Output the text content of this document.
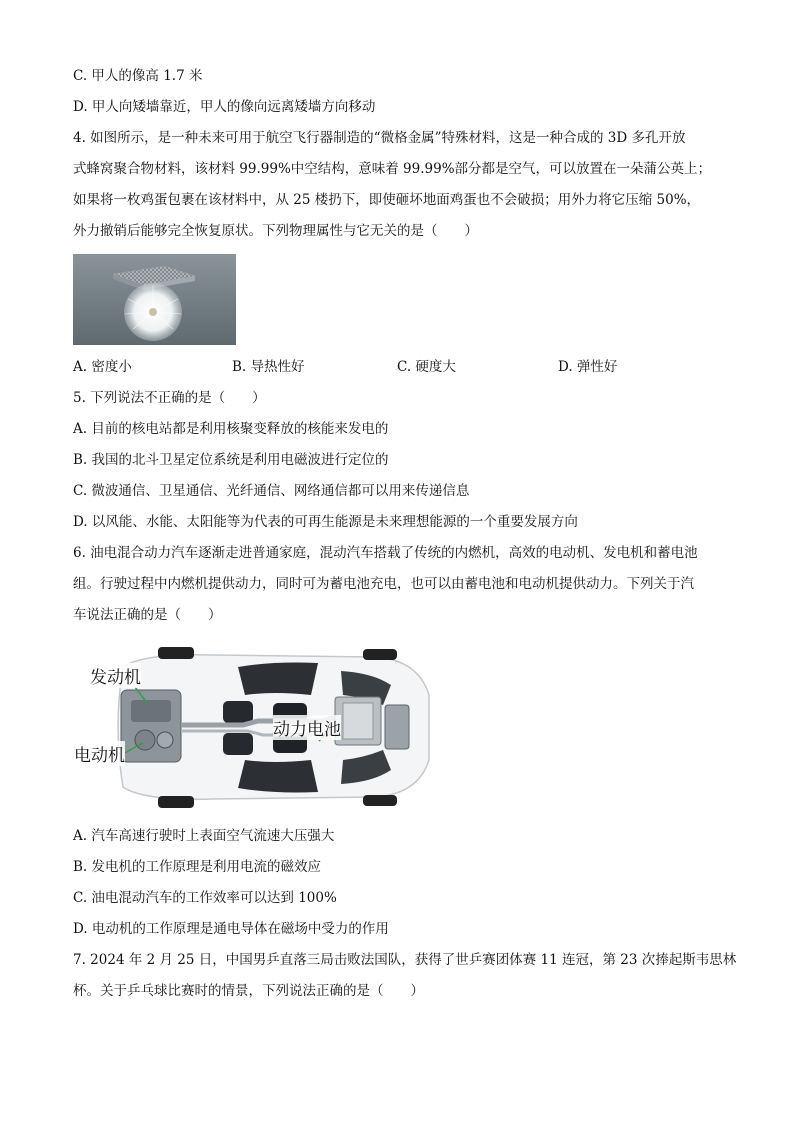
C. 甲人的像高 1.7 米
D. 甲人向矮墙靠近，甲人的像向远离矮墙方向移动
4. 如图所示，是一种未来可用于航空飞行器制造的“微格金属”特殊材料，这是一种合成的 3D 多孔开放
式蜂窝聚合物材料，该材料 99.99%中空结构，意味着 99.99%部分都是空气，可以放置在一朵蒲公英上；
如果将一枚鸡蛋包裹在该材料中，从 25 楼扔下，即使砸坏地面鸡蛋也不会破损；用外力将它压缩 50%，
外力撤销后能够完全恢复原状。下列物理属性与它无关的是（　　）
A. 密度小	B. 导热性好	C. 硬度大	D. 弹性好
5. 下列说法不正确的是（　　）
A. 目前的核电站都是利用核聚变释放的核能来发电的
B. 我国的北斗卫星定位系统是利用电磁波进行定位的
C. 微波通信、卫星通信、光纤通信、网络通信都可以用来传递信息
D. 以风能、水能、太阳能等为代表的可再生能源是未来理想能源的一个重要发展方向
6. 油电混合动力汽车逐渐走进普通家庭，混动汽车搭载了传统的内燃机，高效的电动机、发电机和蓄电池
组。行驶过程中内燃机提供动力，同时可为蓄电池充电，也可以由蓄电池和电动机提供动力。下列关于汽
车说法正确的是（　　）
发动机
动力电池
电动机
A. 汽车高速行驶时上表面空气流速大压强大
B. 发电机的工作原理是利用电流的磁效应
C. 油电混动汽车的工作效率可以达到 100%
D. 电动机的工作原理是通电导体在磁场中受力的作用
7. 2024 年 2 月 25 日，中国男乒直落三局击败法国队，获得了世乒赛团体赛 11 连冠，第 23 次捧起斯韦思林
杯。关于乒乓球比赛时的情景，下列说法正确的是（　　）
